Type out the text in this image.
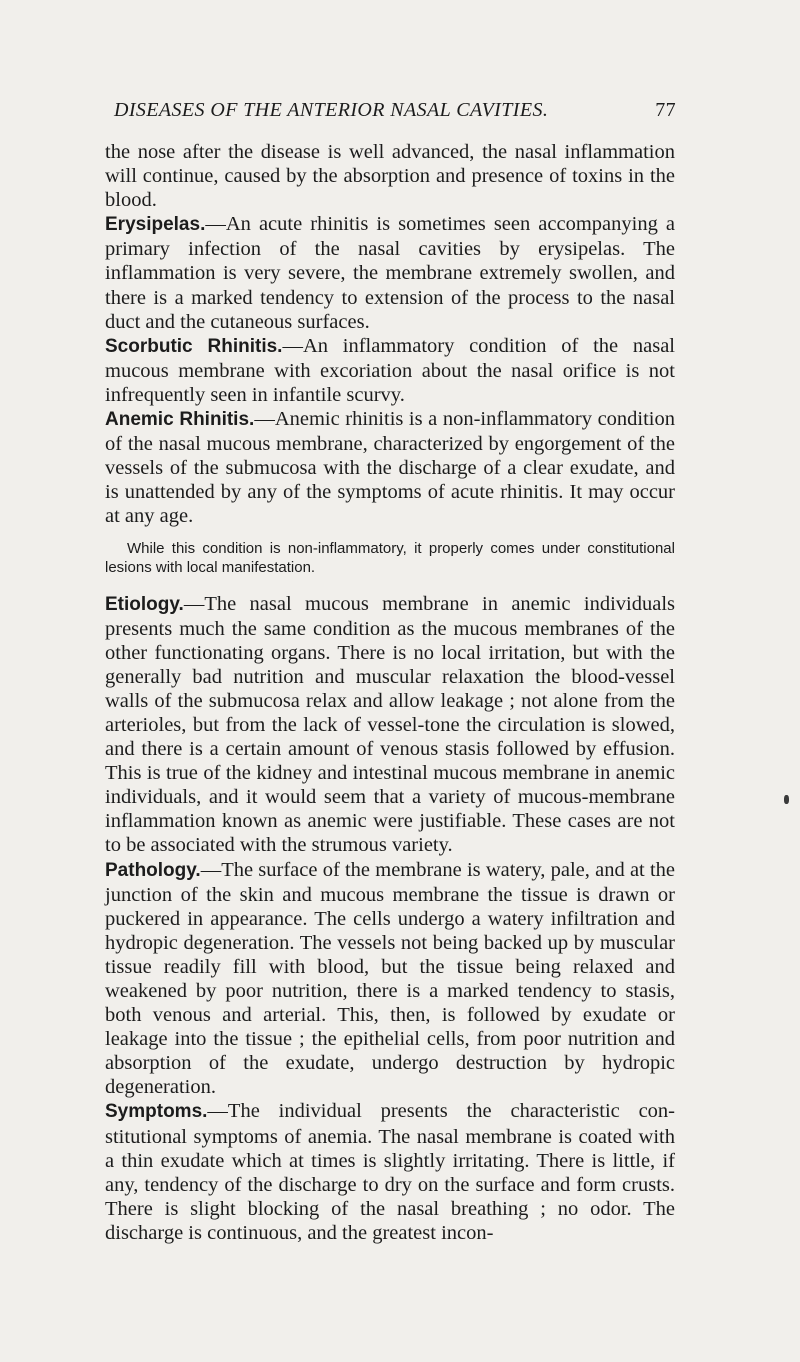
DISEASES OF THE ANTERIOR NASAL CAVITIES.	77

the nose after the disease is well advanced, the nasal inflammation will continue, caused by the absorption and presence of toxins in the blood.

Erysipelas.—An acute rhinitis is sometimes seen accompanying a primary infection of the nasal cavities by erysipelas. The inflammation is very severe, the membrane extremely swollen, and there is a marked tendency to extension of the process to the nasal duct and the cutaneous surfaces.

Scorbutic Rhinitis.—An inflammatory condition of the nasal mucous membrane with excoriation about the nasal orifice is not infrequently seen in infantile scurvy.

Anemic Rhinitis.—Anemic rhinitis is a non-inflammatory condition of the nasal mucous membrane, characterized by engorgement of the vessels of the submucosa with the discharge of a clear exudate, and is unattended by any of the symptoms of acute rhinitis. It may occur at any age.

While this condition is non-inflammatory, it properly comes under constitutional lesions with local manifestation.

Etiology.—The nasal mucous membrane in anemic individuals presents much the same condition as the mucous membranes of the other functionating organs. There is no local irritation, but with the generally bad nutrition and muscular relaxation the blood-vessel walls of the submucosa relax and allow leakage ; not alone from the arterioles, but from the lack of vessel-tone the circulation is slowed, and there is a certain amount of venous stasis followed by effusion. This is true of the kidney and intestinal mucous membrane in anemic individuals, and it would seem that a variety of mucous-membrane inflammation known as anemic were justifiable. These cases are not to be associated with the strumous variety.

Pathology.—The surface of the membrane is watery, pale, and at the junction of the skin and mucous membrane the tissue is drawn or puckered in appearance. The cells undergo a watery infiltration and hydropic degeneration. The vessels not being backed up by muscular tissue readily fill with blood, but the tissue being relaxed and weakened by poor nutrition, there is a marked tendency to stasis, both venous and arterial. This, then, is followed by exudate or leakage into the tissue ; the epithelial cells, from poor nutrition and absorption of the exudate, undergo destruction by hydropic degeneration.

Symptoms.—The individual presents the characteristic constitutional symptoms of anemia. The nasal membrane is coated with a thin exudate which at times is slightly irritating. There is little, if any, tendency of the discharge to dry on the surface and form crusts. There is slight blocking of the nasal breathing ; no odor. The discharge is continuous, and the greatest incon-
